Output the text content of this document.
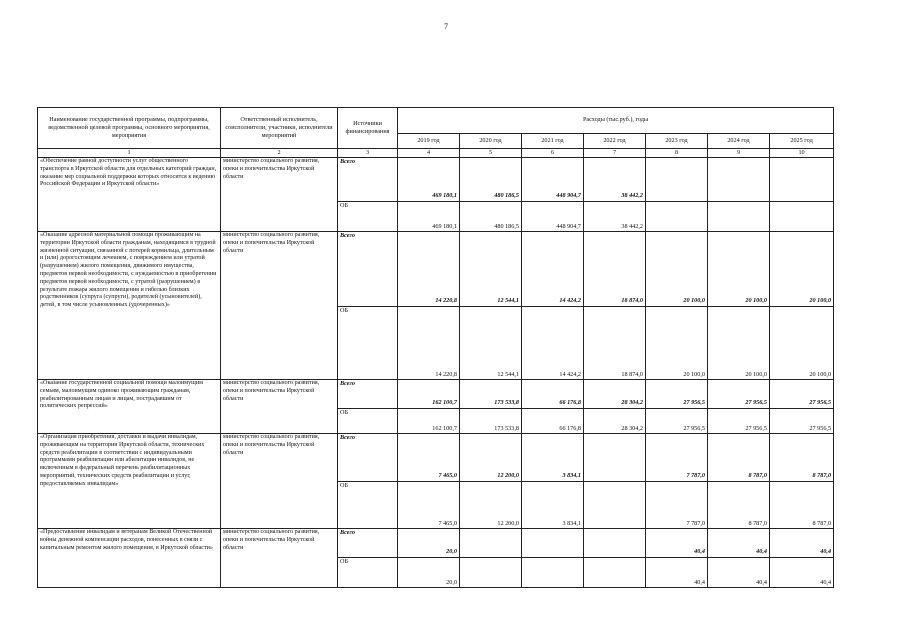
7
Наименование государственной программы, подпрограммы, ведомственной целевой программы, основного мероприятия, мероприятия	Ответственный исполнитель, соисполнители, участники, исполнители мероприятий	Источники финансирования	Расходы (тыс.руб.), годы						
			2019 год	2020 год	2021 год	2022 год	2023 год	2024 год	2025 год
1	2	3	4	5	6	7	8	9	10
«Обеспечение равной доступности услуг общественного транспорта в Иркутской области для отдельных категорий граждан, оказание мер социальной поддержки которых относится к ведению Российской Федерации и Иркутской области»	министерство социального развития, опеки и попечительства Иркутской области	Всего	469 180,1	480 186,5	448 904,7	38 442,2			
		ОБ	469 180,1	480 186,5	448 904,7	38 442,2			
«Оказание адресной материальной помощи проживающим на территории Иркутской области гражданам, находящимся в трудной жизненной ситуации, связанной с потерей кормильца, длительным и (или) дорогостоящим лечением, с повреждением или утратой (разрушением) жилого помещения, движимого имущества, предметов первой необходимости, с нуждаемостью в приобретении предметов первой необходимости, с утратой (разрушением) в результате пожара жилого помещения и гибелью близких родственников (супруга (супруги), родителей (усыновителей), детей, в том числе усыновленных (удочеренных)»	министерство социального развития, опеки и попечительства Иркутской области	Всего	14 220,8	12 544,1	14 424,2	18 874,0	20 100,0	20 100,0	20 100,0
		ОБ	14 220,8	12 544,1	14 424,2	18 874,0	20 100,0	20 100,0	20 100,0
«Оказание государственной социальной помощи малоимущим семьям, малоимущим одиноко проживающим гражданам, реабилитированным лицам и лицам, пострадавшим от политических репрессий»	министерство социального развития, опеки и попечительства Иркутской области	Всего	162 100,7	173 533,8	66 176,8	28 304,2	27 956,5	27 956,5	27 956,5
		ОБ	162 100,7	173 533,8	66 176,8	28 304,2	27 956,5	27 956,5	27 956,5
«Организация приобретения, доставки и выдачи инвалидам, проживающим на территории Иркутской области, технических средств реабилитации в соответствии с индивидуальными программами реабилитации или абилитации инвалидов, не включенным в федеральный перечень реабилитационных мероприятий, технических средств реабилитации и услуг, предоставляемых инвалидам»	министерство социального развития, опеки и попечительства Иркутской области	Всего	7 465,0	12 200,0	3 834,1		7 787,0	8 787,0	8 787,0
		ОБ	7 465,0	12 200,0	3 834,1		7 787,0	8 787,0	8 787,0
«Предоставление инвалидам и ветеранам Великой Отечественной войны денежной компенсации расходов, понесенных в связи с капитальным ремонтом жилого помещения, в Иркутской области»	министерство социального развития, опеки и попечительства Иркутской области	Всего	20,0				40,4	40,4	40,4
		ОБ	20,0				40,4	40,4	40,4
